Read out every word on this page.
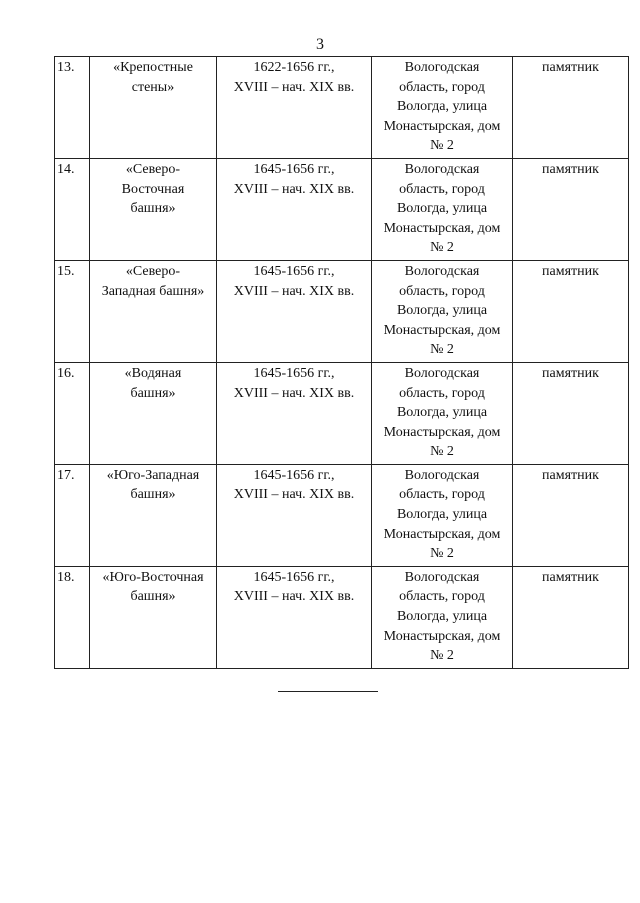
3
13.	«Крепостные
стены»	1622-1656 гг.,
XVIII – нач. XIX вв.	Вологодская
область, город
Вологда, улица
Монастырская, дом
№ 2	памятник
14.	«Северо-
Восточная
башня»	1645-1656 гг.,
XVIII – нач. XIX вв.	Вологодская
область, город
Вологда, улица
Монастырская, дом
№ 2	памятник
15.	«Северо-
Западная башня»	1645-1656 гг.,
XVIII – нач. XIX вв.	Вологодская
область, город
Вологда, улица
Монастырская, дом
№ 2	памятник
16.	«Водяная
башня»	1645-1656 гг.,
XVIII – нач. XIX вв.	Вологодская
область, город
Вологда, улица
Монастырская, дом
№ 2	памятник
17.	«Юго-Западная
башня»	1645-1656 гг.,
XVIII – нач. XIX вв.	Вологодская
область, город
Вологда, улица
Монастырская, дом
№ 2	памятник
18.	«Юго-Восточная
башня»	1645-1656 гг.,
XVIII – нач. XIX вв.	Вологодская
область, город
Вологда, улица
Монастырская, дом
№ 2	памятник
